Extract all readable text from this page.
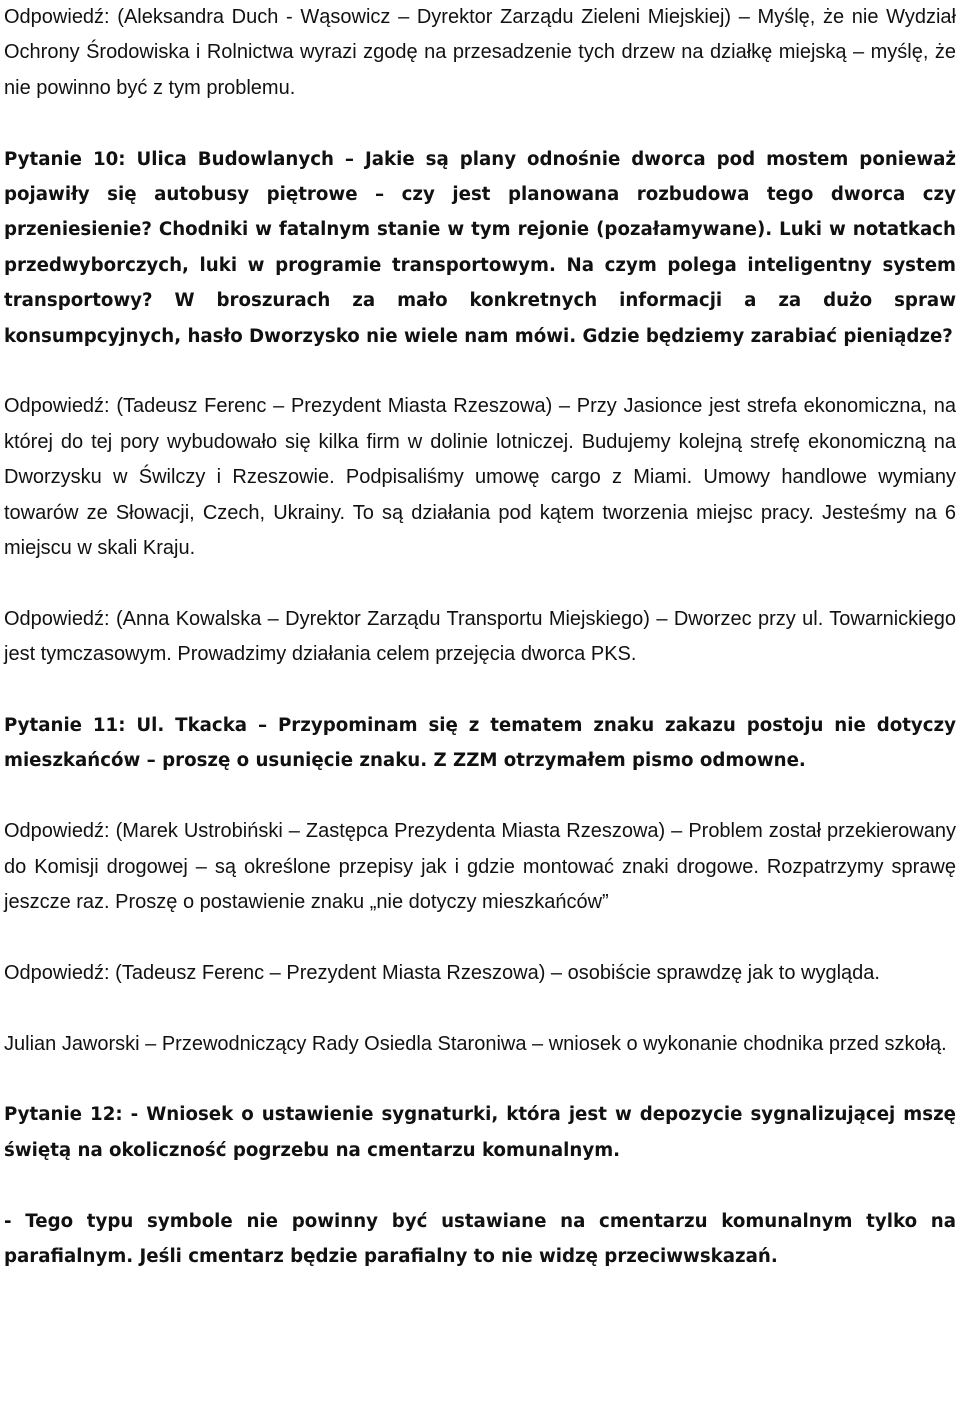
Odpowiedź: (Aleksandra Duch - Wąsowicz – Dyrektor Zarządu Zieleni Miejskiej) – Myślę, że nie Wydział Ochrony Środowiska i Rolnictwa wyrazi zgodę na przesadzenie tych drzew na działkę miejską – myślę, że nie powinno być z tym problemu.

Pytanie 10: Ulica Budowlanych – Jakie są plany odnośnie dworca pod mostem ponieważ pojawiły się autobusy piętrowe – czy jest planowana rozbudowa tego dworca czy przeniesienie? Chodniki w fatalnym stanie w tym rejonie (pozałamywane). Luki w notatkach przedwyborczych, luki w programie transportowym. Na czym polega inteligentny system transportowy? W broszurach za mało konkretnych informacji a za dużo spraw konsumpcyjnych, hasło Dworzysko nie wiele nam mówi. Gdzie będziemy zarabiać pieniądze?

Odpowiedź: (Tadeusz Ferenc – Prezydent Miasta Rzeszowa) – Przy Jasionce jest strefa ekonomiczna, na której do tej pory wybudowało się kilka firm w dolinie lotniczej. Budujemy kolejną strefę ekonomiczną na Dworzysku w Świlczy i Rzeszowie. Podpisaliśmy umowę cargo z Miami. Umowy handlowe wymiany towarów ze Słowacji, Czech, Ukrainy. To są działania pod kątem tworzenia miejsc pracy. Jesteśmy na 6 miejscu w skali Kraju.

Odpowiedź: (Anna Kowalska – Dyrektor Zarządu Transportu Miejskiego) – Dworzec przy ul. Towarnickiego jest tymczasowym. Prowadzimy działania celem przejęcia dworca PKS.

Pytanie 11: Ul. Tkacka – Przypominam się z tematem znaku zakazu postoju nie dotyczy mieszkańców – proszę o usunięcie znaku. Z ZZM otrzymałem pismo odmowne.

Odpowiedź: (Marek Ustrobiński – Zastępca Prezydenta Miasta Rzeszowa) – Problem został przekierowany do Komisji drogowej – są określone przepisy jak i gdzie montować znaki drogowe. Rozpatrzymy sprawę jeszcze raz. Proszę o postawienie znaku „nie dotyczy mieszkańców”

Odpowiedź: (Tadeusz Ferenc – Prezydent Miasta Rzeszowa) – osobiście sprawdzę jak to wygląda.

Julian Jaworski – Przewodniczący Rady Osiedla Staroniwa – wniosek o wykonanie chodnika przed szkołą.

Pytanie 12: - Wniosek o ustawienie sygnaturki, która jest w depozycie sygnalizującej mszę świętą na okoliczność pogrzebu na cmentarzu komunalnym.

- Tego typu symbole nie powinny być ustawiane na cmentarzu komunalnym tylko na parafialnym. Jeśli cmentarz będzie parafialny to nie widzę przeciwwskazań.
